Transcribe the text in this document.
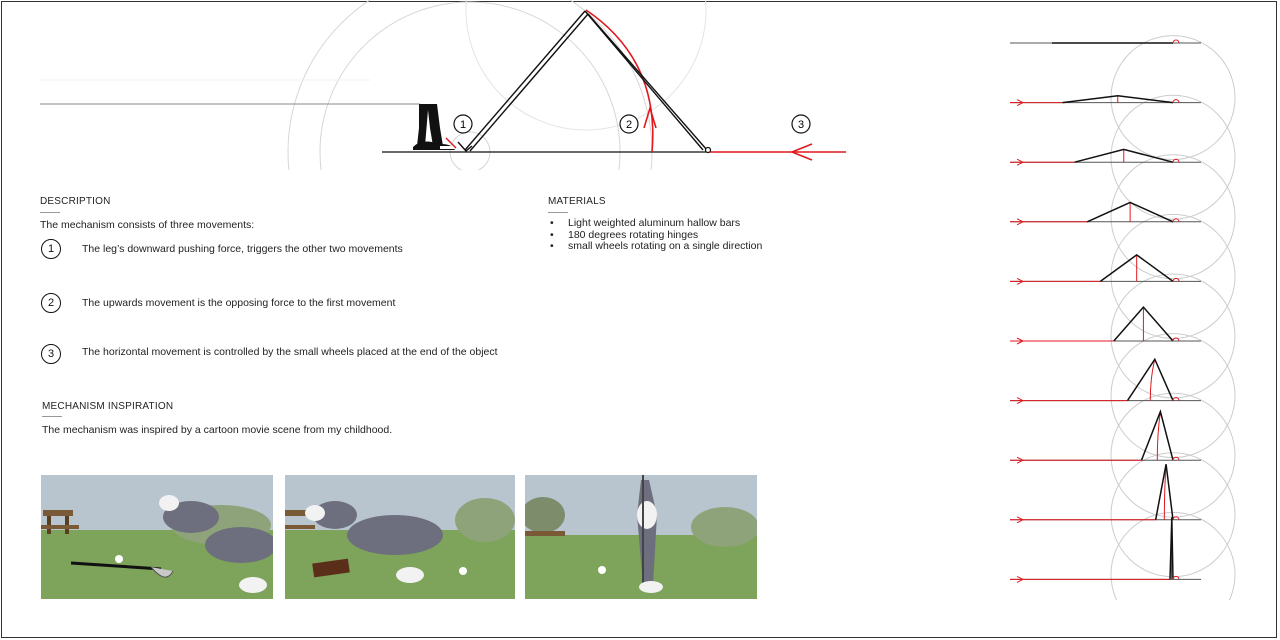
1	2	3
DESCRIPTION
The mechanism consists of three movements:
1	The leg’s downward pushing force, triggers the other two movements
2	The upwards movement is the opposing force to the first movement
3	The horizontal movement is controlled by the small wheels placed at the end of the object
MATERIALS
• Light weighted aluminum hallow bars
• 180 degrees rotating hinges
• small wheels rotating on a single direction
MECHANISM INSPIRATION
The mechanism was inspired by a cartoon movie scene from my childhood.
